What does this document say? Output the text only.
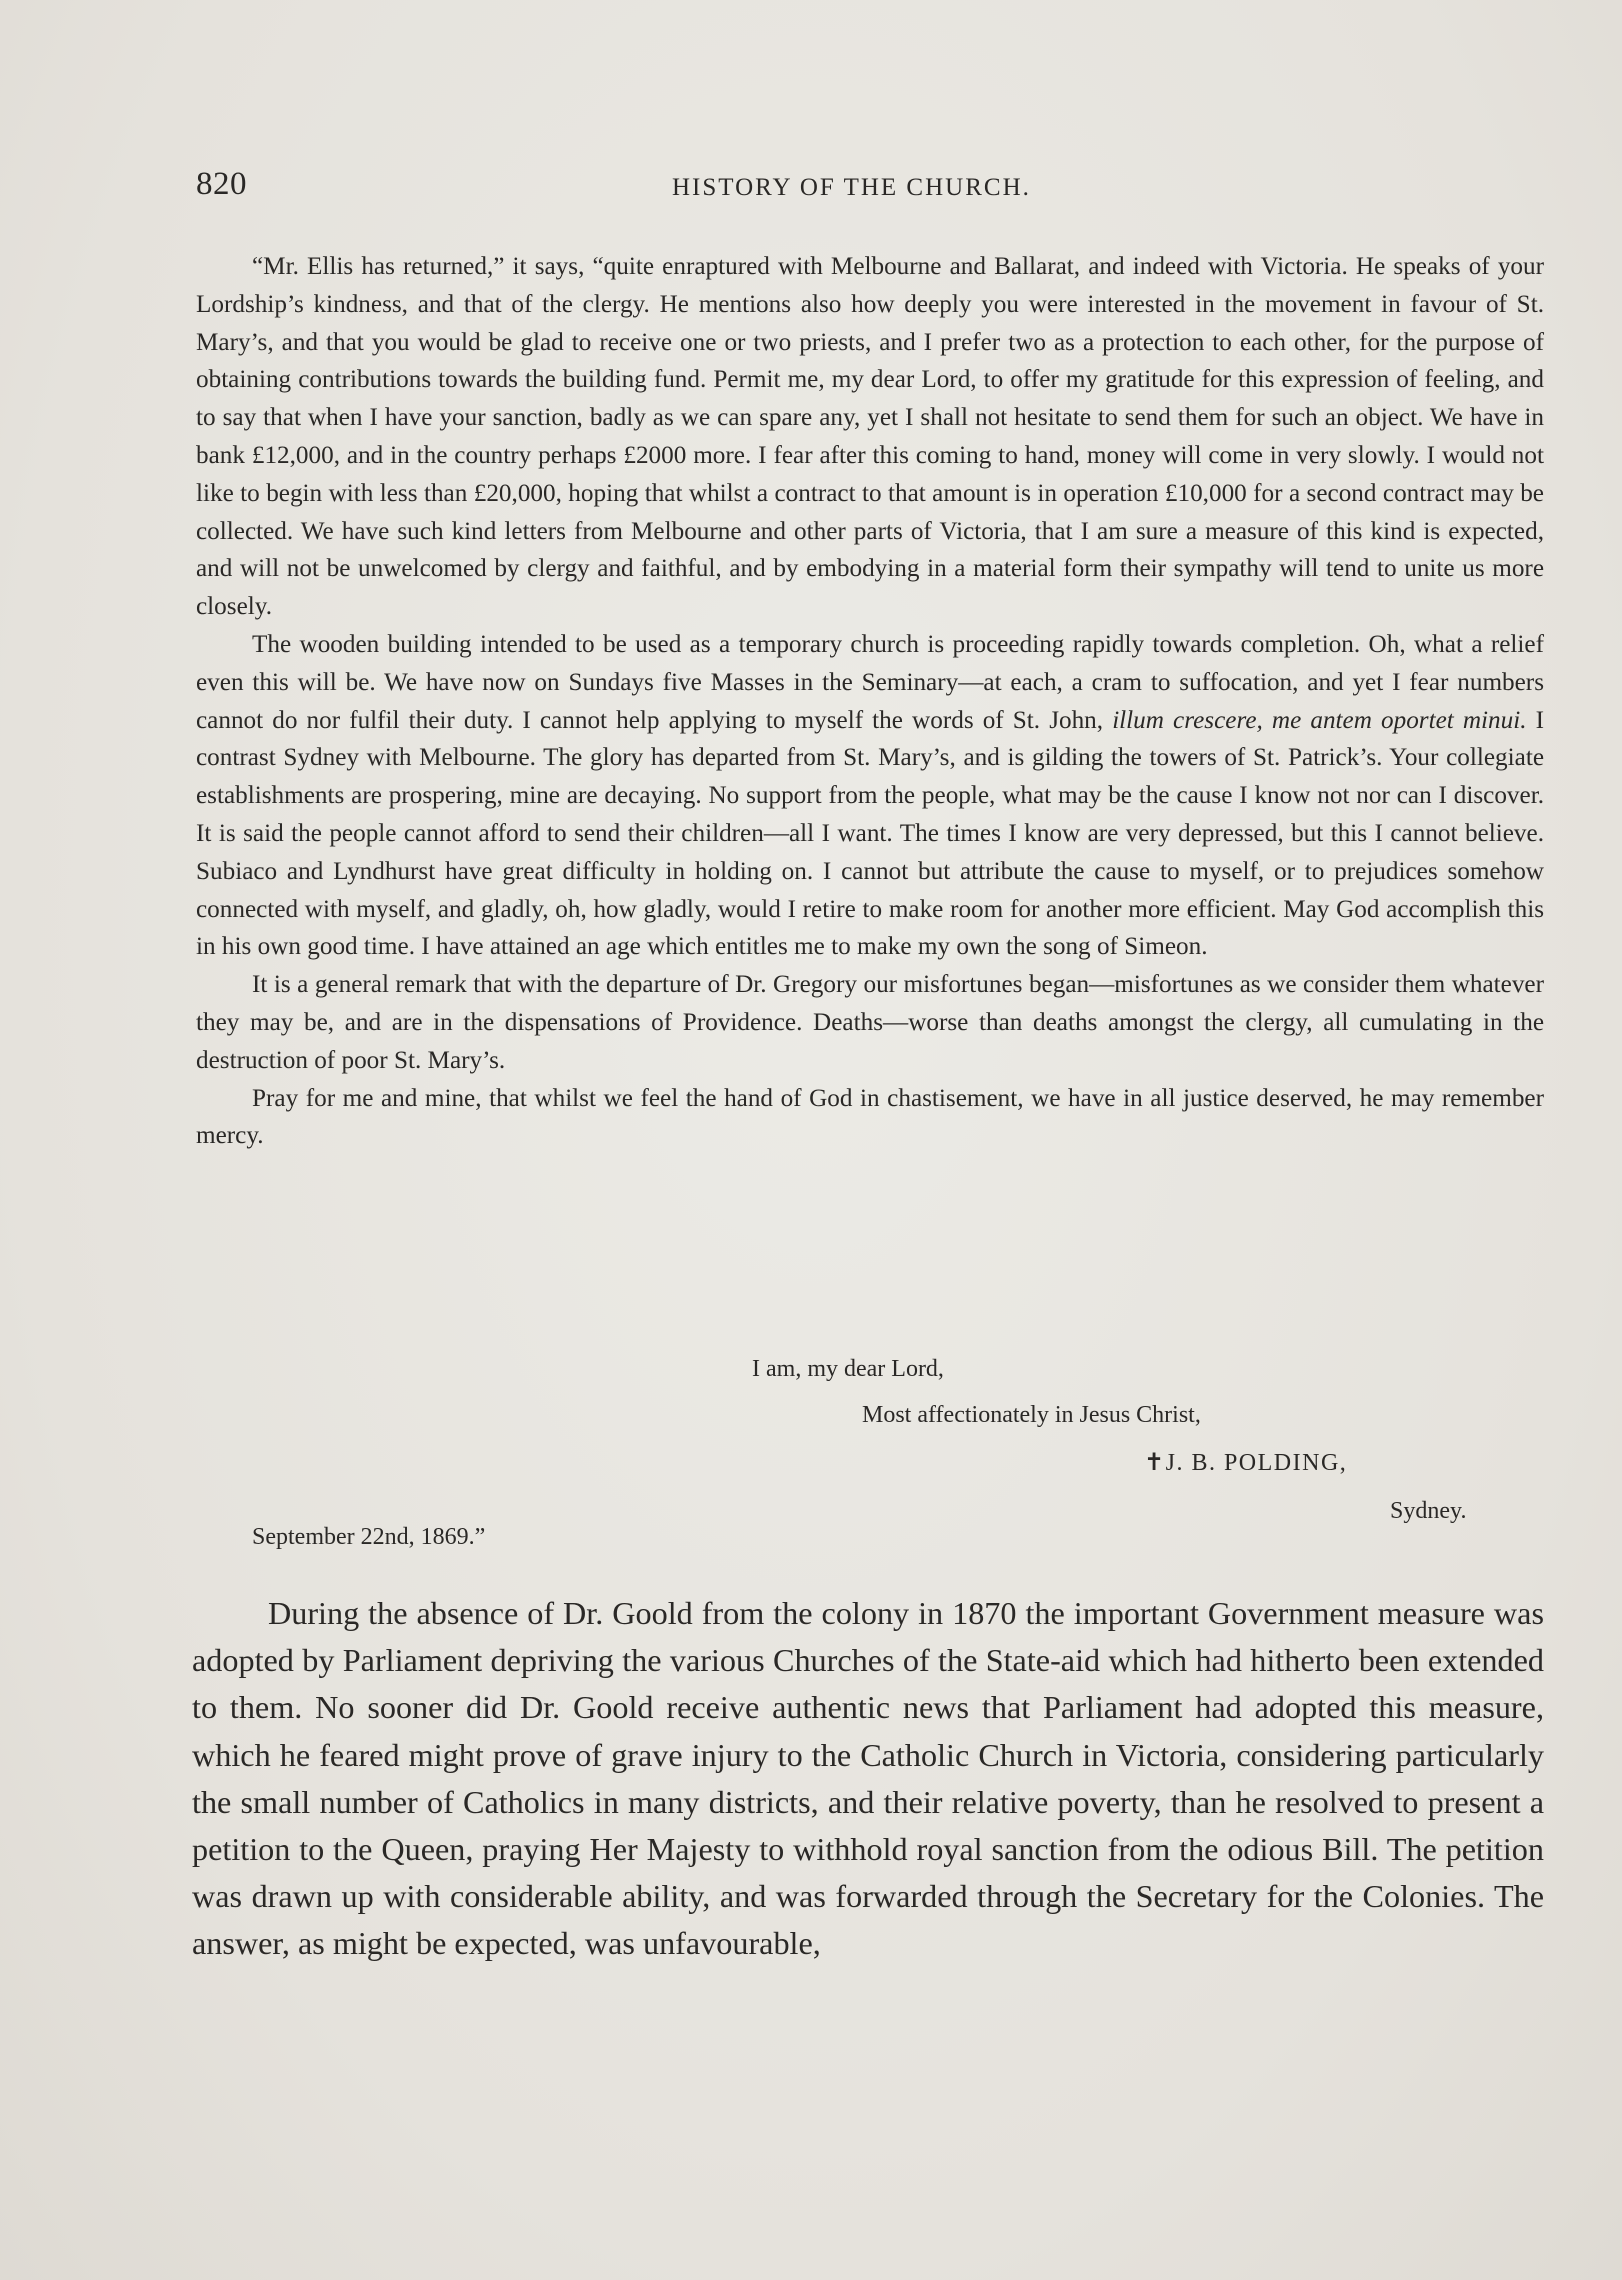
820	HISTORY OF THE CHURCH.

“Mr. Ellis has returned,” it says, “quite enraptured with Melbourne and Ballarat, and indeed with Victoria. He speaks of your Lordship’s kindness, and that of the clergy. He mentions also how deeply you were interested in the movement in favour of St. Mary’s, and that you would be glad to receive one or two priests, and I prefer two as a protection to each other, for the purpose of obtaining contributions towards the building fund. Permit me, my dear Lord, to offer my gratitude for this expression of feeling, and to say that when I have your sanction, badly as we can spare any, yet I shall not hesitate to send them for such an object. We have in bank £12,000, and in the country perhaps £2000 more. I fear after this coming to hand, money will come in very slowly. I would not like to begin with less than £20,000, hoping that whilst a contract to that amount is in operation £10,000 for a second contract may be collected. We have such kind letters from Melbourne and other parts of Victoria, that I am sure a measure of this kind is expected, and will not be unwelcomed by clergy and faithful, and by embodying in a material form their sympathy will tend to unite us more closely.

The wooden building intended to be used as a temporary church is proceeding rapidly towards completion. Oh, what a relief even this will be. We have now on Sundays five Masses in the Seminary—at each, a cram to suffocation, and yet I fear numbers cannot do nor fulfil their duty. I cannot help applying to myself the words of St. John, illum crescere, me antem oportet minui. I contrast Sydney with Melbourne. The glory has departed from St. Mary’s, and is gilding the towers of St. Patrick’s. Your collegiate establishments are prospering, mine are decaying. No support from the people, what may be the cause I know not nor can I discover. It is said the people cannot afford to send their children—all I want. The times I know are very depressed, but this I cannot believe. Subiaco and Lyndhurst have great difficulty in holding on. I cannot but attribute the cause to myself, or to prejudices somehow connected with myself, and gladly, oh, how gladly, would I retire to make room for another more efficient. May God accomplish this in his own good time. I have attained an age which entitles me to make my own the song of Simeon.

It is a general remark that with the departure of Dr. Gregory our misfortunes began—misfortunes as we consider them whatever they may be, and are in the dispensations of Providence. Deaths—worse than deaths amongst the clergy, all cumulating in the destruction of poor St. Mary’s.

Pray for me and mine, that whilst we feel the hand of God in chastisement, we have in all justice deserved, he may remember mercy.

I am, my dear Lord,
Most affectionately in Jesus Christ,
✝J. B. POLDING,
Sydney.
September 22nd, 1869.”

During the absence of Dr. Goold from the colony in 1870 the important Government measure was adopted by Parliament depriving the various Churches of the State-aid which had hitherto been extended to them. No sooner did Dr. Goold receive authentic news that Parliament had adopted this measure, which he feared might prove of grave injury to the Catholic Church in Victoria, considering particularly the small number of Catholics in many districts, and their relative poverty, than he resolved to present a petition to the Queen, praying Her Majesty to withhold royal sanction from the odious Bill. The petition was drawn up with considerable ability, and was forwarded through the Secretary for the Colonies. The answer, as might be expected, was unfavourable,
